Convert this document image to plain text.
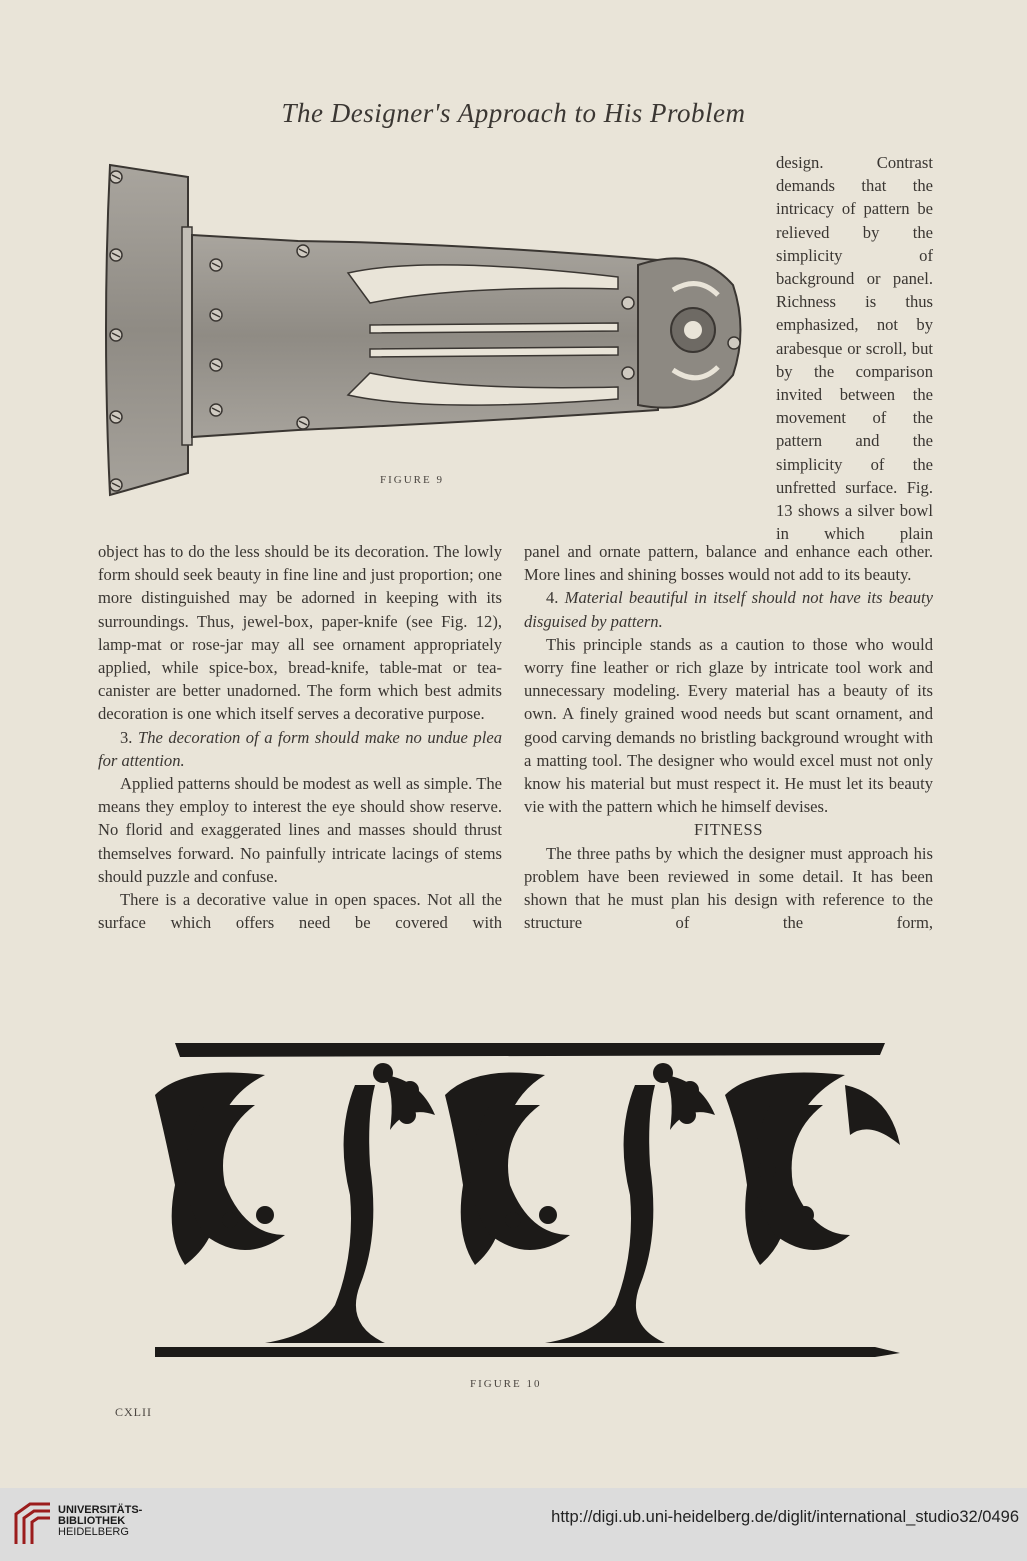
The Designer's Approach to His Problem
FIGURE 9

design. Contrast demands that the intricacy of pattern be relieved by the simplicity of background or panel. Richness is thus emphasized, not by arabesque or scroll, but by the comparison invited between the movement of the pattern and the simplicity of the unfretted surface. Fig. 13 shows a silver bowl in which plain

object has to do the less should be its decoration. The lowly form should seek beauty in fine line and just proportion; one more distinguished may be adorned in keeping with its surroundings. Thus, jewel-box, paper-knife (see Fig. 12), lamp-mat or rose-jar may all see ornament appropriately applied, while spice-box, bread-knife, table-mat or tea-canister are better unadorned. The form which best admits decoration is one which itself serves a decorative purpose.

3. The decoration of a form should make no undue plea for attention.

Applied patterns should be modest as well as simple. The means they employ to interest the eye should show reserve. No florid and exaggerated lines and masses should thrust themselves forward. No painfully intricate lacings of stems should puzzle and confuse.

There is a decorative value in open spaces. Not all the surface which offers need be covered with

panel and ornate pattern, balance and enhance each other. More lines and shining bosses would not add to its beauty.

4. Material beautiful in itself should not have its beauty disguised by pattern.

This principle stands as a caution to those who would worry fine leather or rich glaze by intricate tool work and unnecessary modeling. Every material has a beauty of its own. A finely grained wood needs but scant ornament, and good carving demands no bristling background wrought with a matting tool. The designer who would excel must not only know his material but must respect it. He must let its beauty vie with the pattern which he himself devises.

FITNESS

The three paths by which the designer must approach his problem have been reviewed in some detail. It has been shown that he must plan his design with reference to the structure of the form,

FIGURE 10
CXLII
UNIVERSITÄTS-
BIBLIOTHEK
HEIDELBERG
http://digi.ub.uni-heidelberg.de/diglit/international_studio32/0496
